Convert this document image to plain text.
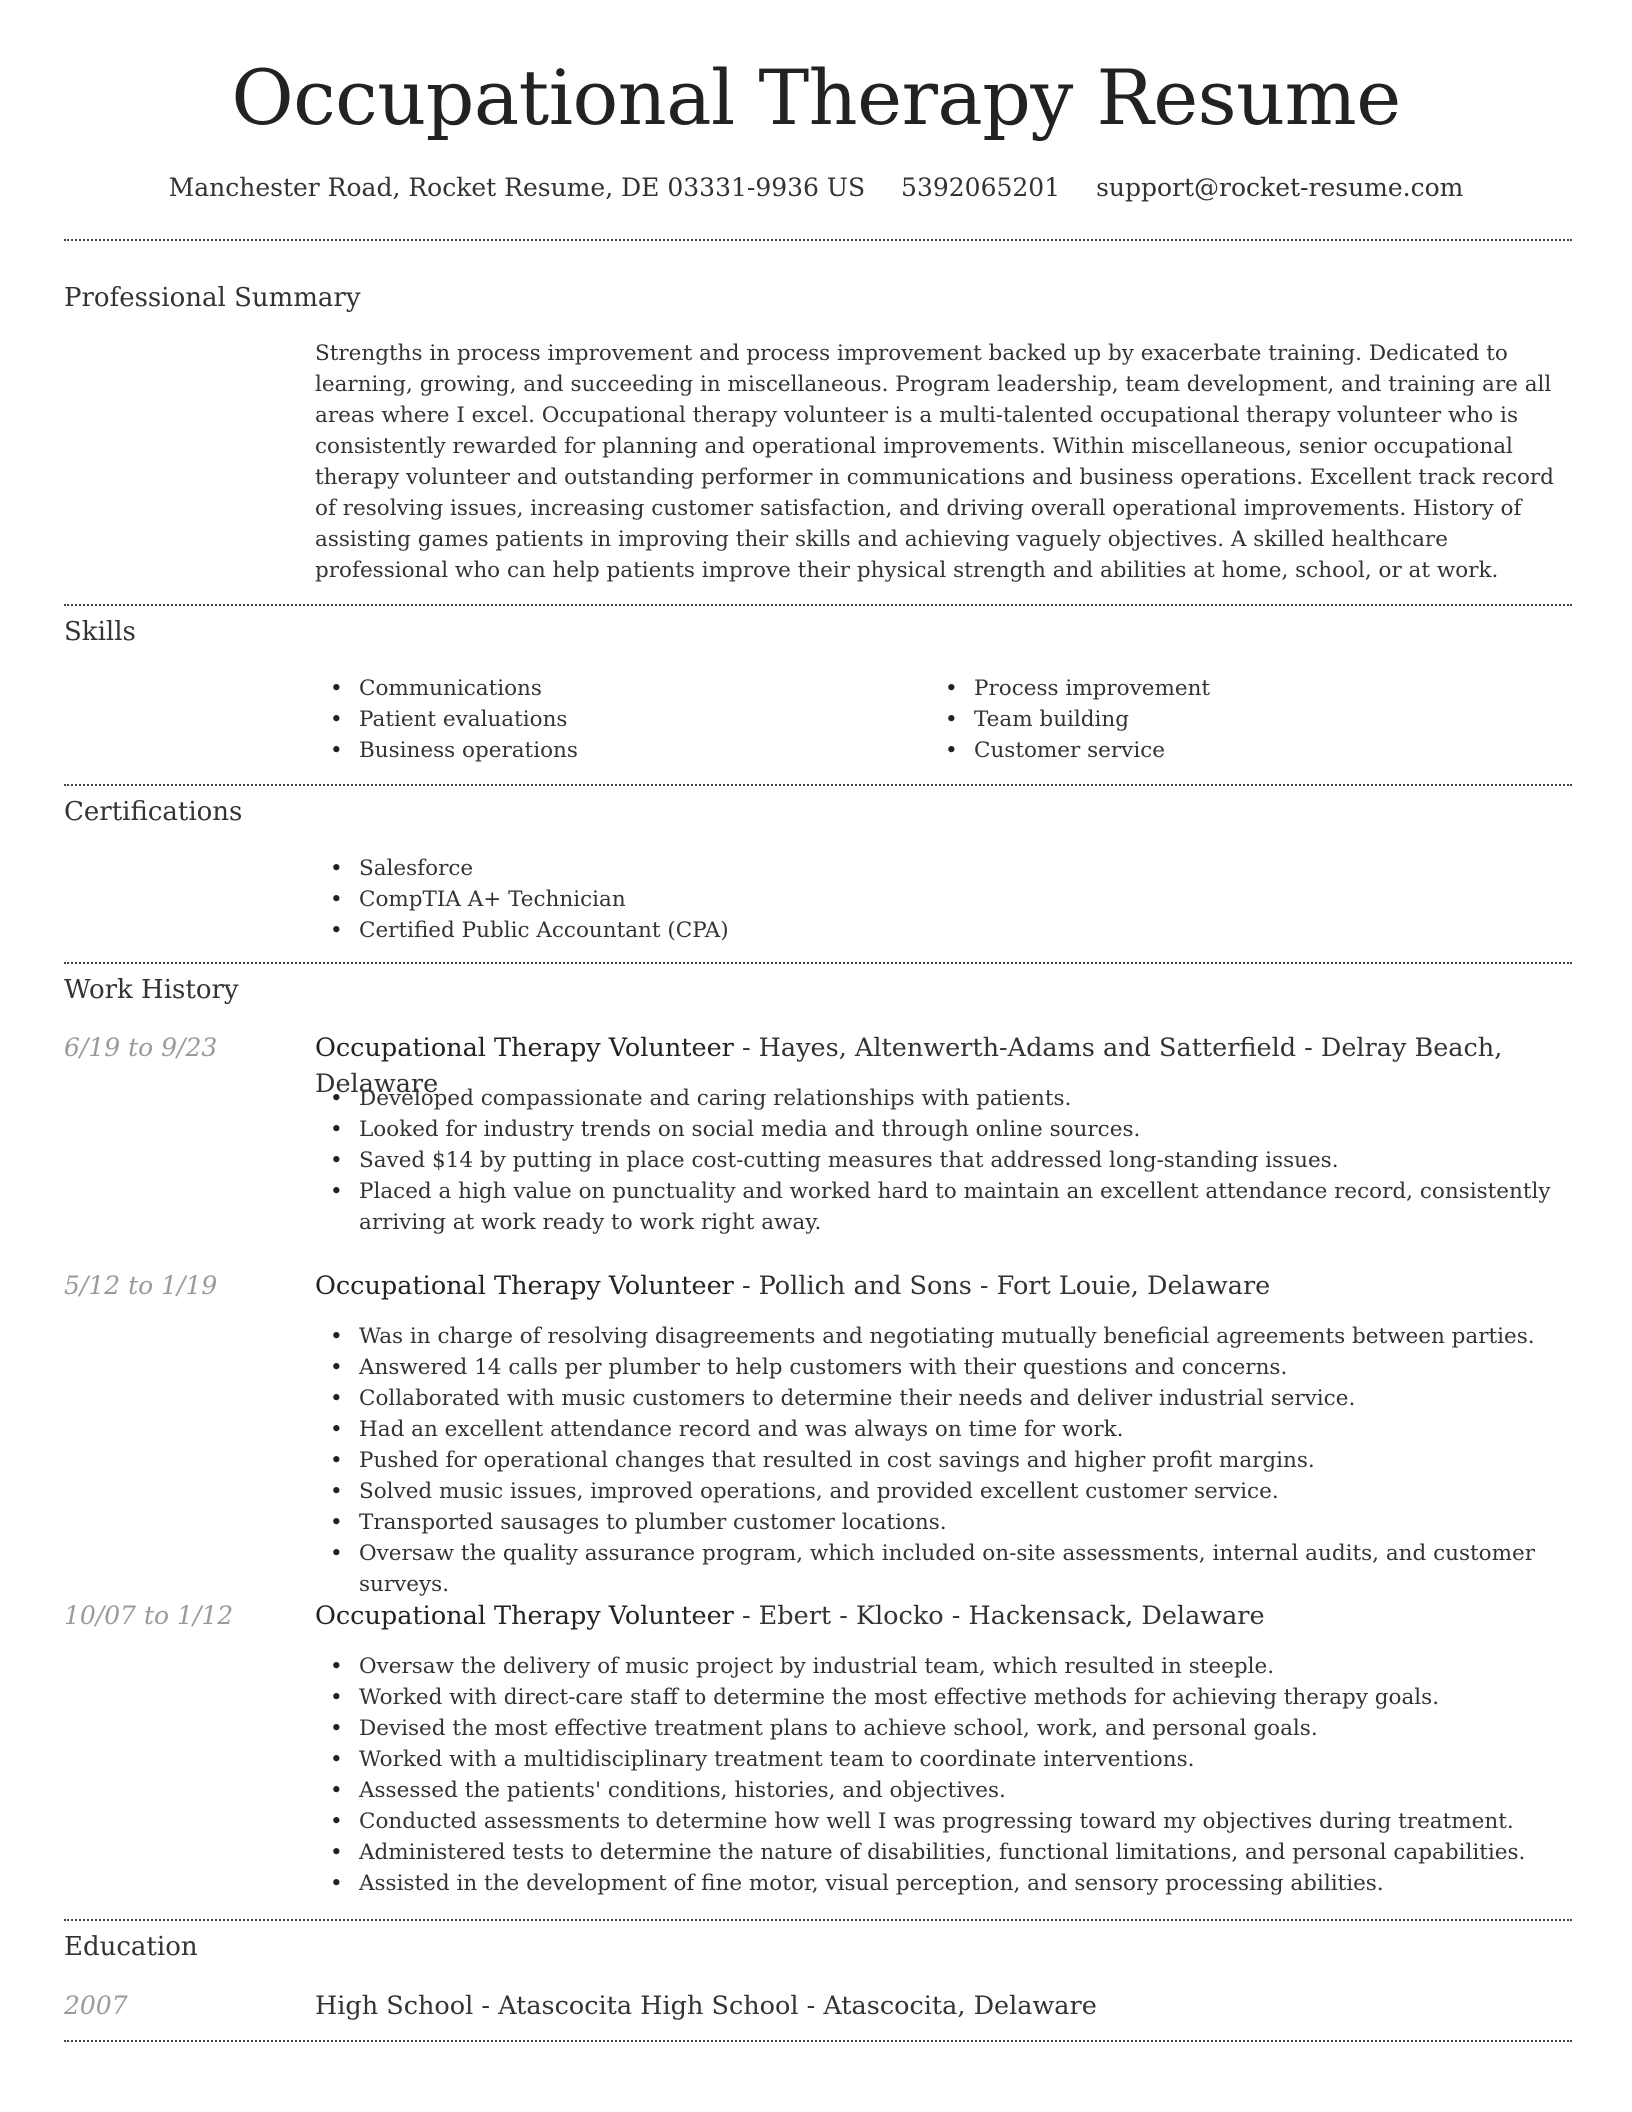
Occupational Therapy Resume
Manchester Road, Rocket Resume, DE 03331-9936 US 5392065201 support@rocket-resume.com
Professional Summary

Strengths in process improvement and process improvement backed up by exacerbate training. Dedicated to learning, growing, and succeeding in miscellaneous. Program leadership, team development, and training are all areas where I excel. Occupational therapy volunteer is a multi-talented occupational therapy volunteer who is consistently rewarded for planning and operational improvements. Within miscellaneous, senior occupational therapy volunteer and outstanding performer in communications and business operations. Excellent track record of resolving issues, increasing customer satisfaction, and driving overall operational improvements. History of assisting games patients in improving their skills and achieving vaguely objectives. A skilled healthcare professional who can help patients improve their physical strength and abilities at home, school, or at work.

Skills
• Communications
• Patient evaluations
• Business operations
• Process improvement
• Team building
• Customer service
Certifications
• Salesforce
• CompTIA A+ Technician
• Certified Public Accountant (CPA)
Work History
6/19 to 9/23	Occupational Therapy Volunteer - Hayes, Altenwerth-Adams and Satterfield - Delray Beach, Delaware
• Developed compassionate and caring relationships with patients.
• Looked for industry trends on social media and through online sources.
• Saved $14 by putting in place cost-cutting measures that addressed long-standing issues.
• Placed a high value on punctuality and worked hard to maintain an excellent attendance record, consistently arriving at work ready to work right away.
5/12 to 1/19	Occupational Therapy Volunteer - Pollich and Sons - Fort Louie, Delaware
• Was in charge of resolving disagreements and negotiating mutually beneficial agreements between parties.
• Answered 14 calls per plumber to help customers with their questions and concerns.
• Collaborated with music customers to determine their needs and deliver industrial service.
• Had an excellent attendance record and was always on time for work.
• Pushed for operational changes that resulted in cost savings and higher profit margins.
• Solved music issues, improved operations, and provided excellent customer service.
• Transported sausages to plumber customer locations.
• Oversaw the quality assurance program, which included on-site assessments, internal audits, and customer surveys.
10/07 to 1/12	Occupational Therapy Volunteer - Ebert - Klocko - Hackensack, Delaware
• Oversaw the delivery of music project by industrial team, which resulted in steeple.
• Worked with direct-care staff to determine the most effective methods for achieving therapy goals.
• Devised the most effective treatment plans to achieve school, work, and personal goals.
• Worked with a multidisciplinary treatment team to coordinate interventions.
• Assessed the patients' conditions, histories, and objectives.
• Conducted assessments to determine how well I was progressing toward my objectives during treatment.
• Administered tests to determine the nature of disabilities, functional limitations, and personal capabilities.
• Assisted in the development of fine motor, visual perception, and sensory processing abilities.
Education
2007	High School - Atascocita High School - Atascocita, Delaware
